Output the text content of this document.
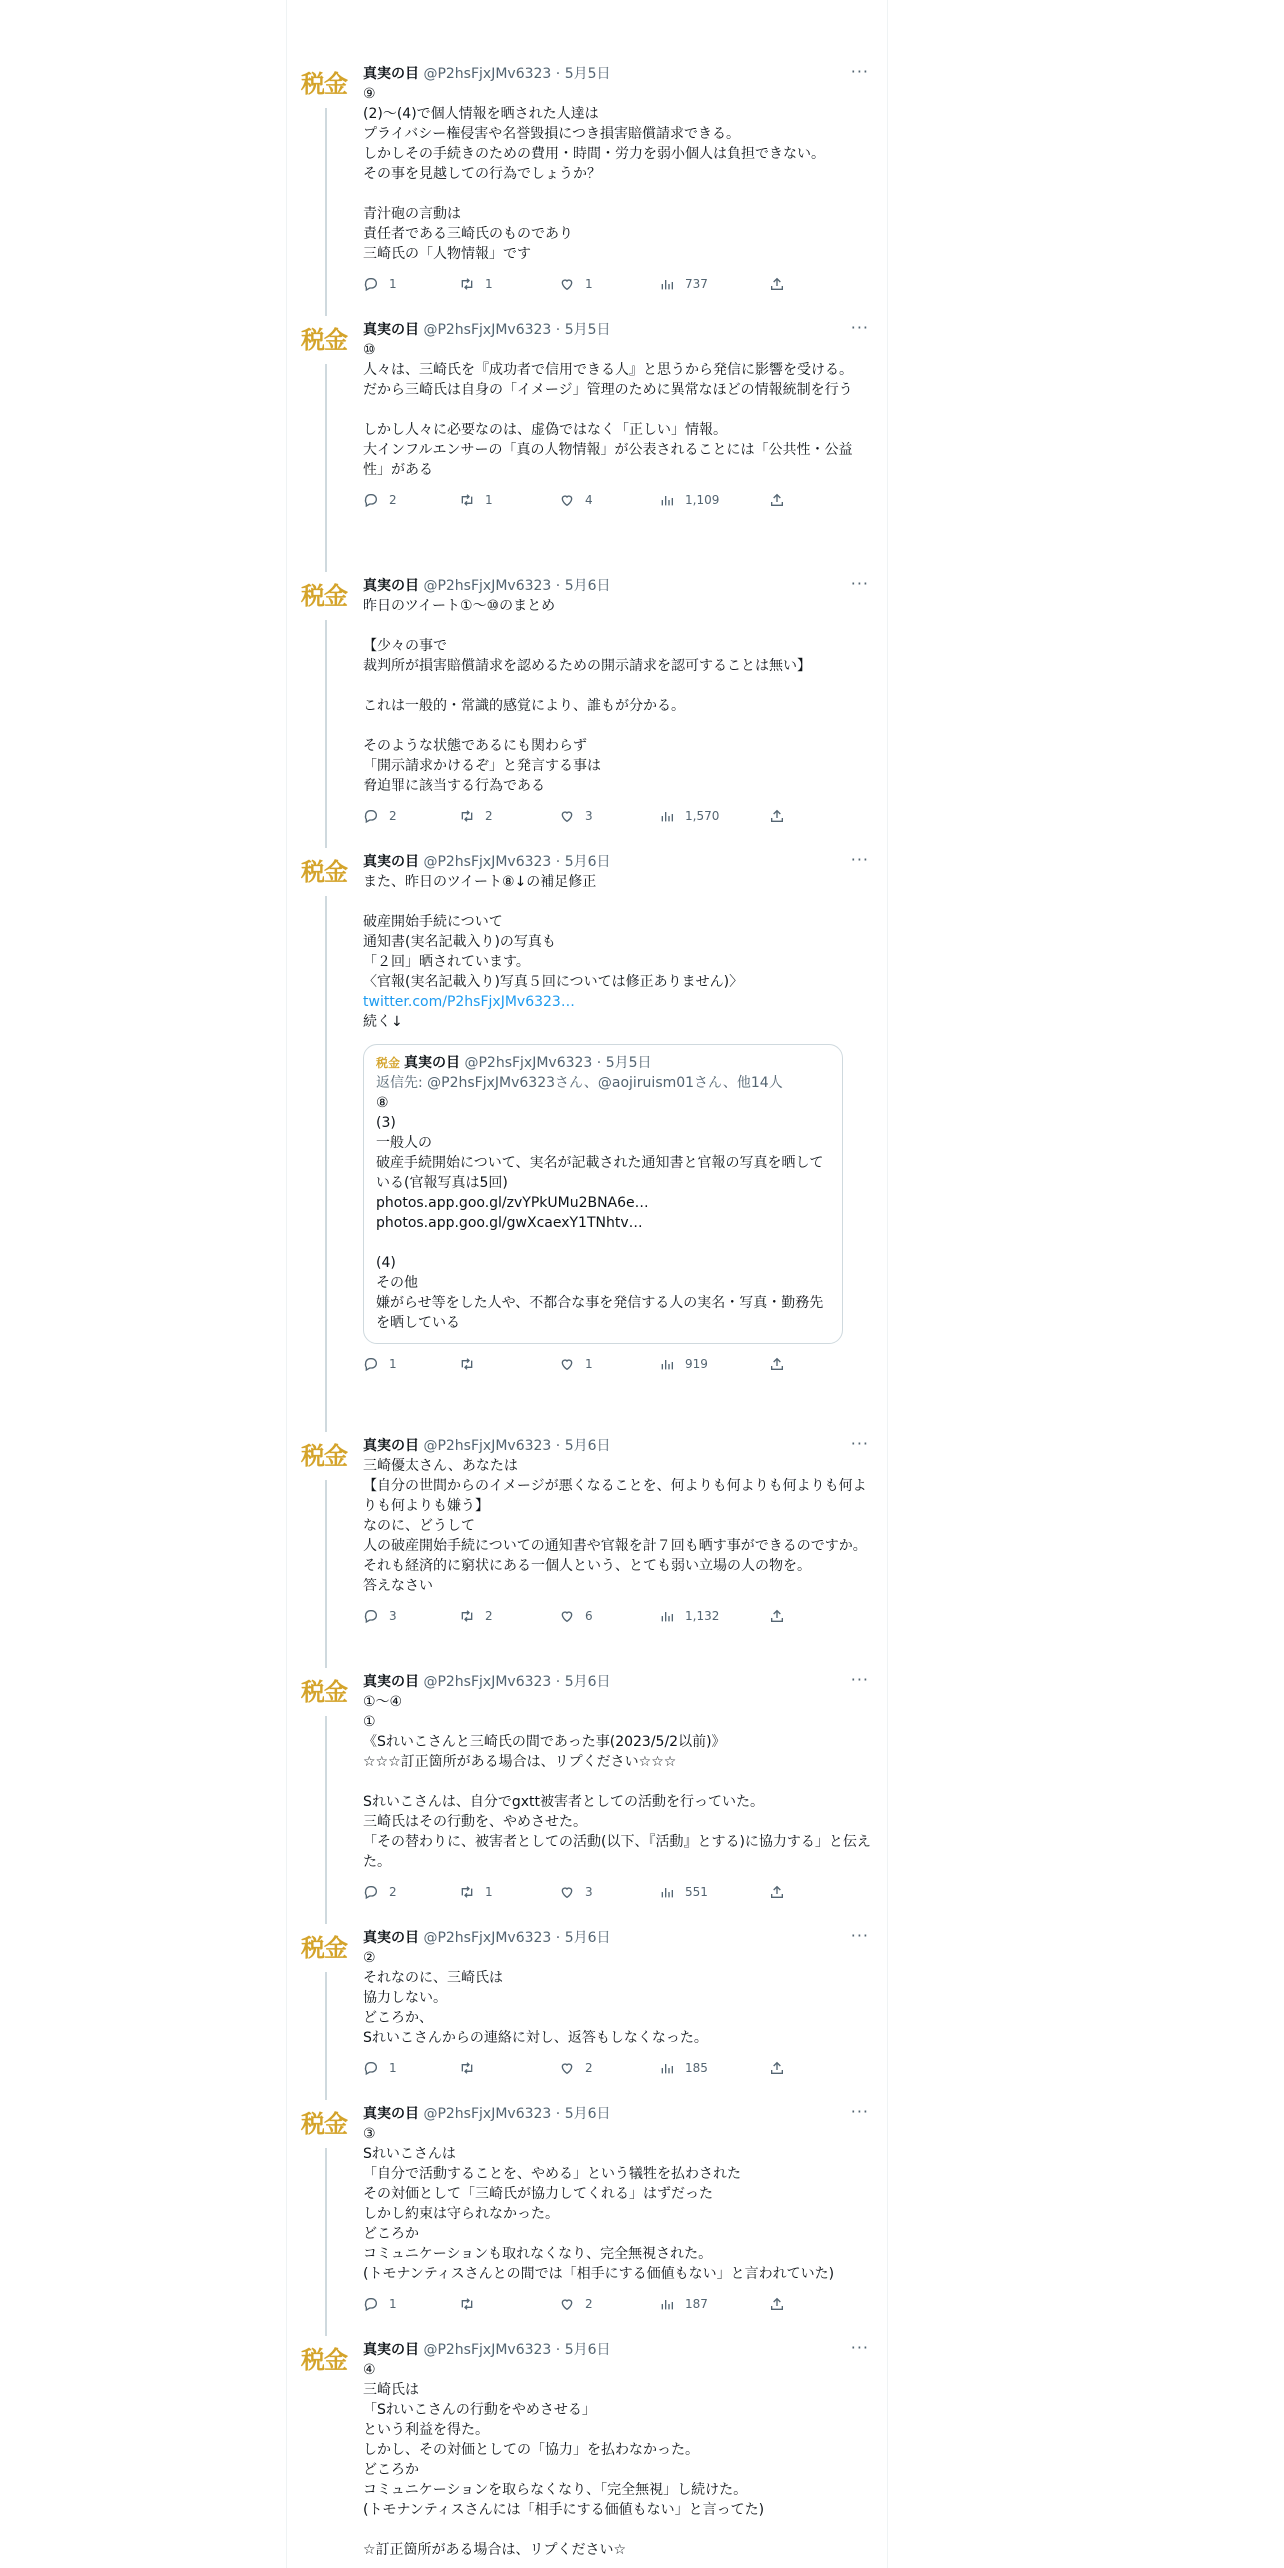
税金	真実の目 @P2hsFjxJMv6323 · 5月5日	···
⑨
(2)～(4)で個人情報を晒された人達は
プライバシー権侵害や名誉毀損につき損害賠償請求できる。
しかしその手続きのための費用・時間・労力を弱小個人は負担できない。
その事を見越しての行為でしょうか？

青汁砲の言動は
責任者である三崎氏のものであり
三崎氏の「人物情報」です
1	1	1	737
税金	真実の目 @P2hsFjxJMv6323 · 5月5日	···
⑩
人々は、三崎氏を『成功者で信用できる人』と思うから発信に影響を受ける。
だから三崎氏は自身の「イメージ」管理のために異常なほどの情報統制を行う

しかし人々に必要なのは、虚偽ではなく「正しい」情報。
大インフルエンサーの「真の人物情報」が公表されることには「公共性・公益性」がある
2	1	4	1,109
税金	真実の目 @P2hsFjxJMv6323 · 5月6日	···
昨日のツイート①～⑩のまとめ

【少々の事で
裁判所が損害賠償請求を認めるための開示請求を認可することは無い】

これは一般的・常識的感覚により、誰もが分かる。

そのような状態であるにも関わらず
「開示請求かけるぞ」と発言する事は
脅迫罪に該当する行為である
2	2	3	1,570
税金	真実の目 @P2hsFjxJMv6323 · 5月6日	···
また、昨日のツイート⑧↓の補足修正

破産開始手続について
通知書(実名記載入り)の写真も
「２回」晒されています。
〈官報(実名記載入り)写真５回については修正ありません)〉

twitter.com/P2hsFjxJMv6323…
続く↓
税金 真実の目 @P2hsFjxJMv6323 · 5月5日
返信先: @P2hsFjxJMv6323さん、@aojiruism01さん、他14人
⑧
(3)
一般人の
破産手続開始について、実名が記載された通知書と官報の写真を晒している(官報写真は5回)
photos.app.goo.gl/zvYPkUMu2BNA6e…
photos.app.goo.gl/gwXcaexY1TNhtv…

(4)
その他
嫌がらせ等をした人や、不都合な事を発信する人の実名・写真・勤務先を晒している
1	1	919
税金	真実の目 @P2hsFjxJMv6323 · 5月6日	···
三崎優太さん、あなたは
【自分の世間からのイメージが悪くなることを、何よりも何よりも何よりも何よりも何よりも嫌う】
なのに、どうして
人の破産開始手続についての通知書や官報を計７回も晒す事ができるのですか。
それも経済的に窮状にある一個人という、とても弱い立場の人の物を。
答えなさい
3	2	6	1,132
税金	真実の目 @P2hsFjxJMv6323 · 5月6日	···
①～④
①
《Sれいこさんと三崎氏の間であった事(2023/5/2以前)》
☆☆☆訂正箇所がある場合は、リプください☆☆☆

Sれいこさんは、自分でgxtt被害者としての活動を行っていた。
三崎氏はその行動を、やめさせた。
「その替わりに、被害者としての活動(以下、『活動』とする)に協力する」と伝えた。
2	1	3	551
税金	真実の目 @P2hsFjxJMv6323 · 5月6日	···
②
それなのに、三崎氏は
協力しない。
どころか、
Sれいこさんからの連絡に対し、返答もしなくなった。
1	2	185
税金	真実の目 @P2hsFjxJMv6323 · 5月6日	···
③
Sれいこさんは
「自分で活動することを、やめる」という犠牲を払わされた
その対価として「三崎氏が協力してくれる」はずだった
しかし約束は守られなかった。
どころか
コミュニケーションも取れなくなり、完全無視された。
(トモナンティスさんとの間では「相手にする価値もない」と言われていた)
1	2	187
税金	真実の目 @P2hsFjxJMv6323 · 5月6日	···
④
三崎氏は
「Sれいこさんの行動をやめさせる」
という利益を得た。
しかし、その対価としての「協力」を払わなかった。
どころか
コミュニケーションを取らなくなり、「完全無視」し続けた。
(トモナンティスさんには「相手にする価値もない」と言ってた)

☆訂正箇所がある場合は、リプください☆
